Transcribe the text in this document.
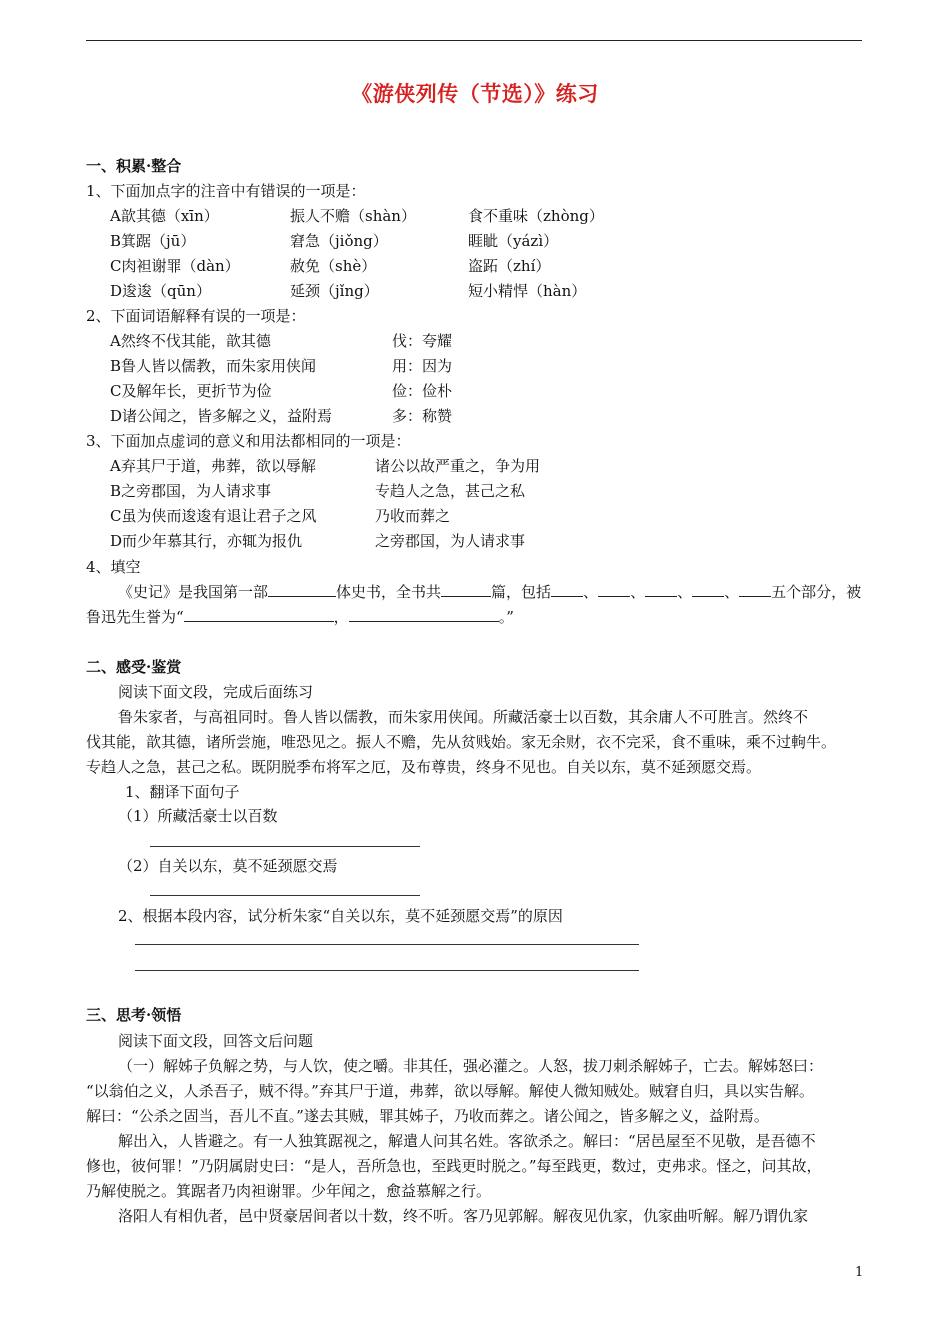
《游侠列传（节选）》练习
一、积累·整合
1、下面加点字的注音中有错误的一项是：
A歆其德（xīn）	振人不赡（shàn）	食不重味（zhòng）
B箕踞（jū）	窘急（jiǒng）	睚眦（yázì）
C肉袒谢罪（dàn）	赦免（shè）	盗跖（zhí）
D逡逡（qūn）	延颈（jǐng）	短小精悍（hàn）
2、下面词语解释有误的一项是：
A然终不伐其能，歆其德	伐：夸耀
B鲁人皆以儒教，而朱家用侠闻	用：因为
C及解年长，更折节为俭	俭：俭朴
D诸公闻之，皆多解之义，益附焉	多：称赞
3、下面加点虚词的意义和用法都相同的一项是：
A弃其尸于道，弗葬，欲以辱解	诸公以故严重之，争为用
B之旁郡国，为人请求事	专趋人之急，甚己之私
C虽为侠而逡逡有退让君子之风	乃收而葬之
D而少年慕其行，亦辄为报仇	之旁郡国，为人请求事
4、填空
《史记》是我国第一部	体史书，全书共	篇，包括 、 、 、 、 五个部分，被
鲁迅先生誉为“	，	。”
二、感受·鉴赏
阅读下面文段，完成后面练习
鲁朱家者，与高祖同时。鲁人皆以儒教，而朱家用侠闻。所藏活豪士以百数，其余庸人不可胜言。然终不
伐其能，歆其德，诸所尝施，唯恐见之。振人不赡，先从贫贱始。家无余财，衣不完采，食不重味，乘不过軥牛。
专趋人之急，甚己之私。既阴脱季布将军之厄，及布尊贵，终身不见也。自关以东，莫不延颈愿交焉。
1、翻译下面句子
（1）所藏活豪士以百数
（2）自关以东，莫不延颈愿交焉
2、根据本段内容，试分析朱家“自关以东，莫不延颈愿交焉”的原因
三、思考·领悟
阅读下面文段，回答文后问题
（一）解姊子负解之势，与人饮，使之嚼。非其任，强必灌之。人怒，拔刀刺杀解姊子，亡去。解姊怒曰：
“以翁伯之义，人杀吾子，贼不得。”弃其尸于道，弗葬，欲以辱解。解使人微知贼处。贼窘自归，具以实告解。
解曰：“公杀之固当，吾儿不直。”遂去其贼，罪其姊子，乃收而葬之。诸公闻之，皆多解之义，益附焉。
解出入，人皆避之。有一人独箕踞视之，解遣人问其名姓。客欲杀之。解曰：“居邑屋至不见敬，是吾德不
修也，彼何罪！”乃阴属尉史曰：“是人，吾所急也，至践更时脱之。”每至践更，数过，吏弗求。怪之，问其故，
乃解使脱之。箕踞者乃肉袒谢罪。少年闻之，愈益慕解之行。
洛阳人有相仇者，邑中贤豪居间者以十数，终不听。客乃见郭解。解夜见仇家，仇家曲听解。解乃谓仇家
1
